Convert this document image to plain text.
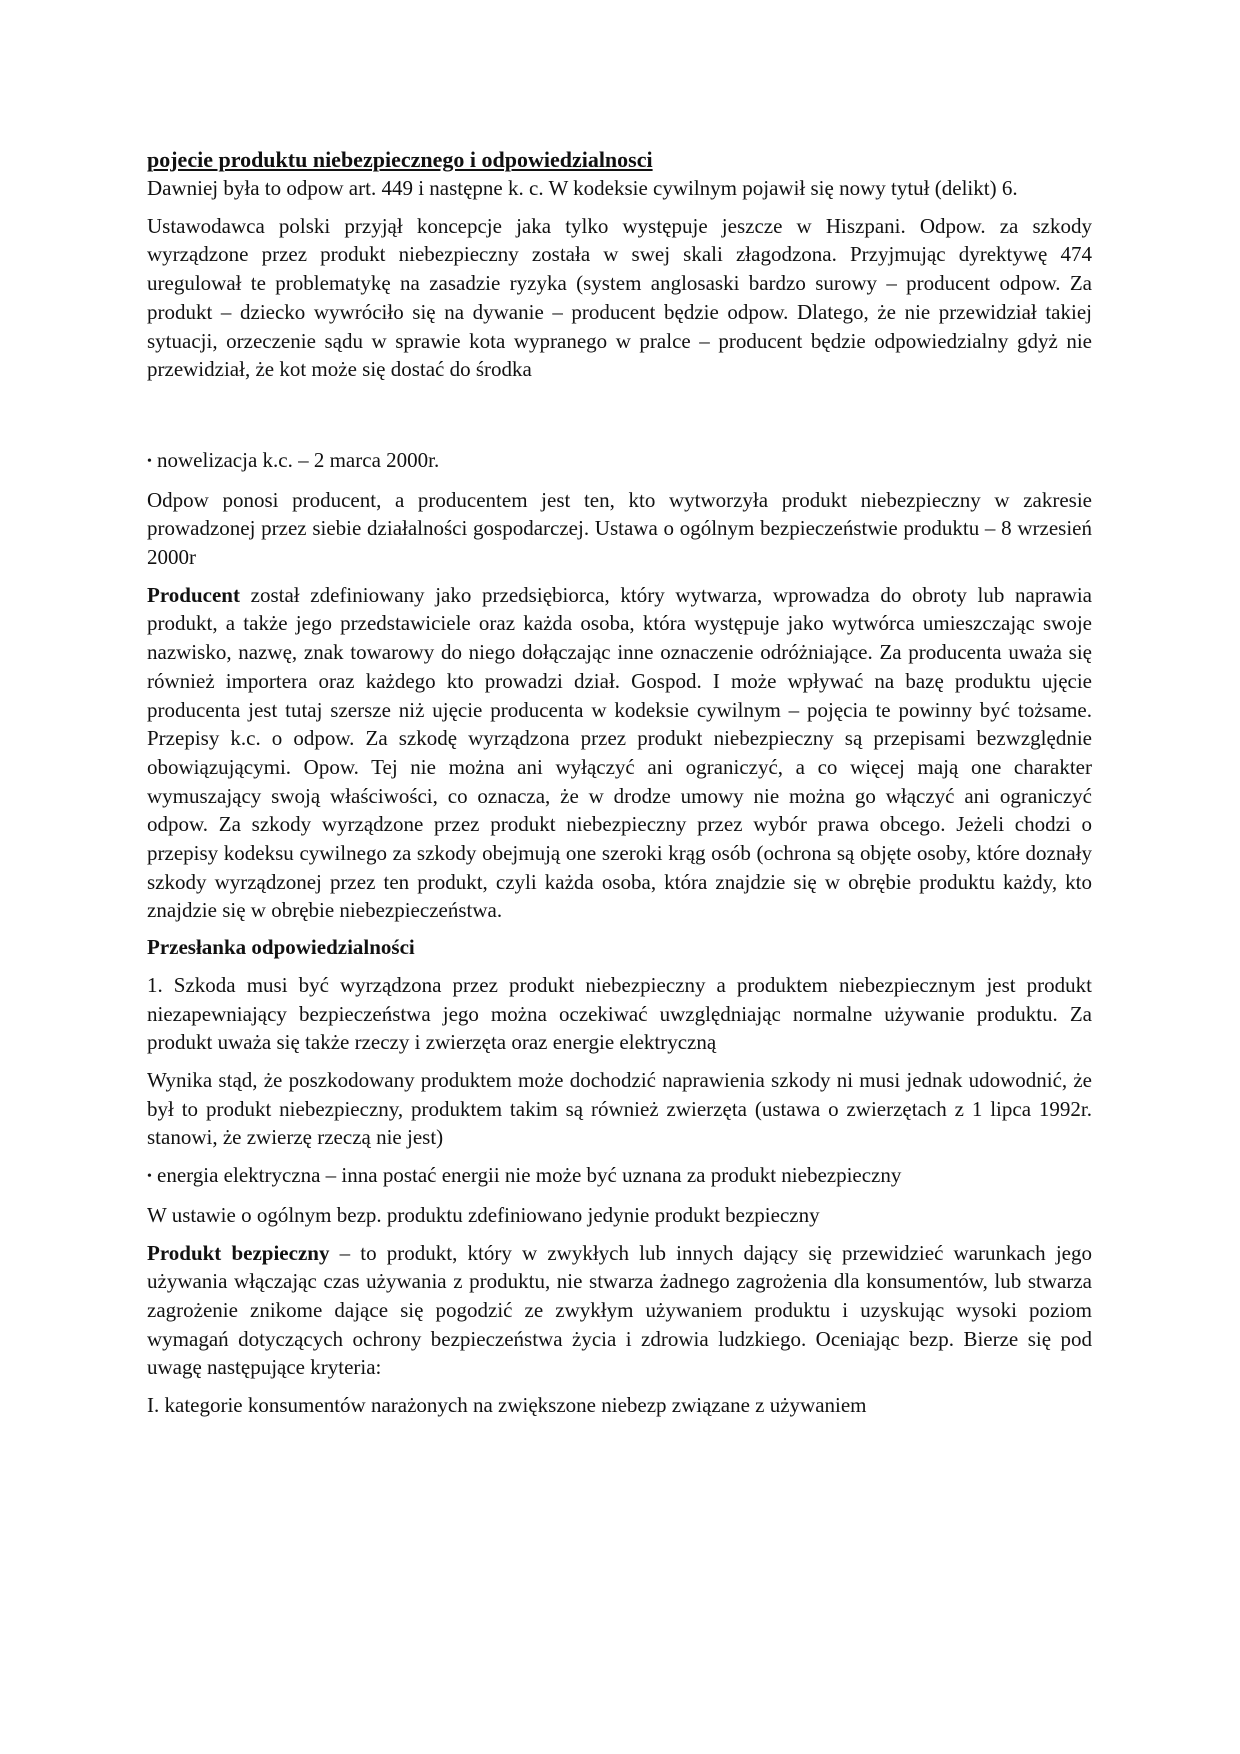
pojecie produktu niebezpiecznego i odpowiedzialnosci

Dawniej była to odpow art. 449 i następne k. c. W kodeksie cywilnym pojawił się nowy tytuł (delikt) 6.

Ustawodawca polski przyjął koncepcje jaka tylko występuje jeszcze w Hiszpani. Odpow. za szkody wyrządzone przez produkt niebezpieczny została w swej skali złagodzona. Przyjmując dyrektywę 474 uregulował te problematykę na zasadzie ryzyka (system anglosaski bardzo surowy – producent odpow. Za produkt – dziecko wywróciło się na dywanie – producent będzie odpow. Dlatego, że nie przewidział takiej sytuacji, orzeczenie sądu w sprawie kota wypranego w pralce – producent będzie odpowiedzialny gdyż nie przewidział, że kot może się dostać do środka

• nowelizacja k.c. – 2 marca 2000r.

Odpow ponosi producent, a producentem jest ten, kto wytworzyła produkt niebezpieczny w zakresie prowadzonej przez siebie działalności gospodarczej. Ustawa o ogólnym bezpieczeństwie produktu – 8 wrzesień 2000r

Producent został zdefiniowany jako przedsiębiorca, który wytwarza, wprowadza do obroty lub naprawia produkt, a także jego przedstawiciele oraz każda osoba, która występuje jako wytwórca umieszczając swoje nazwisko, nazwę, znak towarowy do niego dołączając inne oznaczenie odróżniające. Za producenta uważa się również importera oraz każdego kto prowadzi dział. Gospod. I może wpływać na bazę produktu ujęcie producenta jest tutaj szersze niż ujęcie producenta w kodeksie cywilnym – pojęcia te powinny być tożsame. Przepisy k.c. o odpow. Za szkodę wyrządzona przez produkt niebezpieczny są przepisami bezwzględnie obowiązującymi. Opow. Tej nie można ani wyłączyć ani ograniczyć, a co więcej mają one charakter wymuszający swoją właściwości, co oznacza, że w drodze umowy nie można go włączyć ani ograniczyć odpow. Za szkody wyrządzone przez produkt niebezpieczny przez wybór prawa obcego. Jeżeli chodzi o przepisy kodeksu cywilnego za szkody obejmują one szeroki krąg osób (ochrona są objęte osoby, które doznały szkody wyrządzonej przez ten produkt, czyli każda osoba, która znajdzie się w obrębie produktu każdy, kto znajdzie się w obrębie niebezpieczeństwa.

Przesłanka odpowiedzialności

1. Szkoda musi być wyrządzona przez produkt niebezpieczny a produktem niebezpiecznym jest produkt niezapewniający bezpieczeństwa jego można oczekiwać uwzględniając normalne używanie produktu. Za produkt uważa się także rzeczy i zwierzęta oraz energie elektryczną

Wynika stąd, że poszkodowany produktem może dochodzić naprawienia szkody ni musi jednak udowodnić, że był to produkt niebezpieczny, produktem takim są również zwierzęta (ustawa o zwierzętach z 1 lipca 1992r. stanowi, że zwierzę rzeczą nie jest)

• energia elektryczna – inna postać energii nie może być uznana za produkt niebezpieczny

W ustawie o ogólnym bezp. produktu zdefiniowano jedynie produkt bezpieczny

Produkt bezpieczny – to produkt, który w zwykłych lub innych dający się przewidzieć warunkach jego używania włączając czas używania z produktu, nie stwarza żadnego zagrożenia dla konsumentów, lub stwarza zagrożenie znikome dające się pogodzić ze zwykłym używaniem produktu i uzyskując wysoki poziom wymagań dotyczących ochrony bezpieczeństwa życia i zdrowia ludzkiego. Oceniając bezp. Bierze się pod uwagę następujące kryteria:

I. kategorie konsumentów narażonych na zwiększone niebezp związane z używaniem
